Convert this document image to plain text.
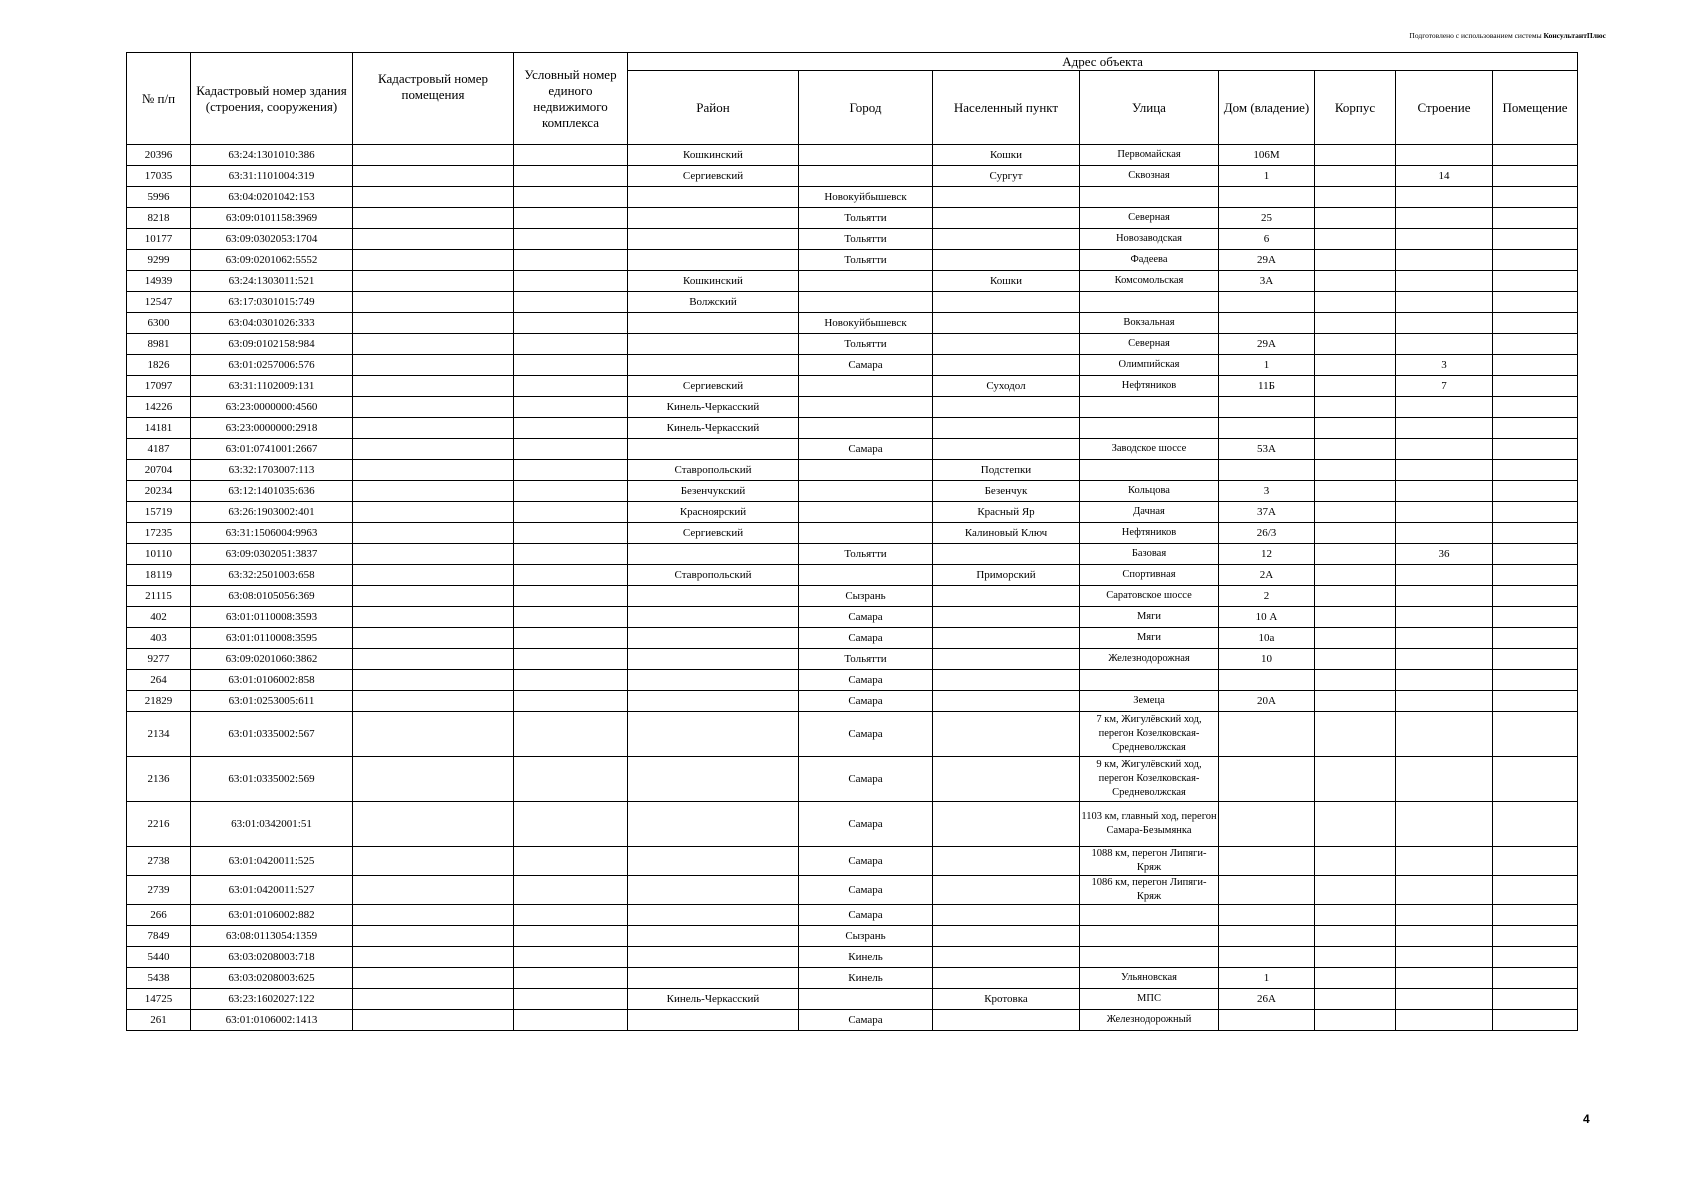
Подготовлено с использованием системы КонсультантПлюс
№ п/п	Кадастровый номер здания (строения, сооружения)	Кадастровый номер помещения	Условный номер единого недвижимого комплекса	Адрес объекта							
				Район	Город	Населенный пункт	Улица	Дом (владение)	Корпус	Строение	Помещение
20396	63:24:1301010:386			Кошкинский		Кошки	Первомайская	106М			
17035	63:31:1101004:319			Сергиевский		Сургут	Сквозная	1		14	
5996	63:04:0201042:153				Новокуйбышевск						
8218	63:09:0101158:3969				Тольятти		Северная	25			
10177	63:09:0302053:1704				Тольятти		Новозаводская	6			
9299	63:09:0201062:5552				Тольятти		Фадеева	29А			
14939	63:24:1303011:521			Кошкинский		Кошки	Комсомольская	3А			
12547	63:17:0301015:749			Волжский							
6300	63:04:0301026:333				Новокуйбышевск		Вокзальная				
8981	63:09:0102158:984				Тольятти		Северная	29А			
1826	63:01:0257006:576				Самара		Олимпийская	1		3	
17097	63:31:1102009:131			Сергиевский		Суходол	Нефтяников	11Б		7	
14226	63:23:0000000:4560			Кинель-Черкасский							
14181	63:23:0000000:2918			Кинель-Черкасский							
4187	63:01:0741001:2667				Самара		Заводское шоссе	53А			
20704	63:32:1703007:113			Ставропольский		Подстепки					
20234	63:12:1401035:636			Безенчукский		Безенчук	Кольцова	3			
15719	63:26:1903002:401			Красноярский		Красный Яр	Дачная	37А			
17235	63:31:1506004:9963			Сергиевский		Калиновый Ключ	Нефтяников	26/3			
10110	63:09:0302051:3837				Тольятти		Базовая	12		36	
18119	63:32:2501003:658			Ставропольский		Приморский	Спортивная	2А			
21115	63:08:0105056:369				Сызрань		Саратовское шоссе	2			
402	63:01:0110008:3593				Самара		Мяги	10 А			
403	63:01:0110008:3595				Самара		Мяги	10а			
9277	63:09:0201060:3862				Тольятти		Железнодорожная	10			
264	63:01:0106002:858				Самара						
21829	63:01:0253005:611				Самара		Земеца	20А			
2134	63:01:0335002:567				Самара		7 км, Жигулёвский ход, перегон Козелковская-Средневолжская				
2136	63:01:0335002:569				Самара		9 км, Жигулёвский ход, перегон Козелковская-Средневолжская				
2216	63:01:0342001:51				Самара		1103 км, главный ход, перегон Самара-Безымянка				
2738	63:01:0420011:525				Самара		1088 км, перегон Липяги-Кряж				
2739	63:01:0420011:527				Самара		1086 км, перегон Липяги-Кряж				
266	63:01:0106002:882				Самара						
7849	63:08:0113054:1359				Сызрань						
5440	63:03:0208003:718				Кинель						
5438	63:03:0208003:625				Кинель		Ульяновская	1			
14725	63:23:1602027:122			Кинель-Черкасский		Кротовка	МПС	26А			
261	63:01:0106002:1413				Самара		Железнодорожный				
4
